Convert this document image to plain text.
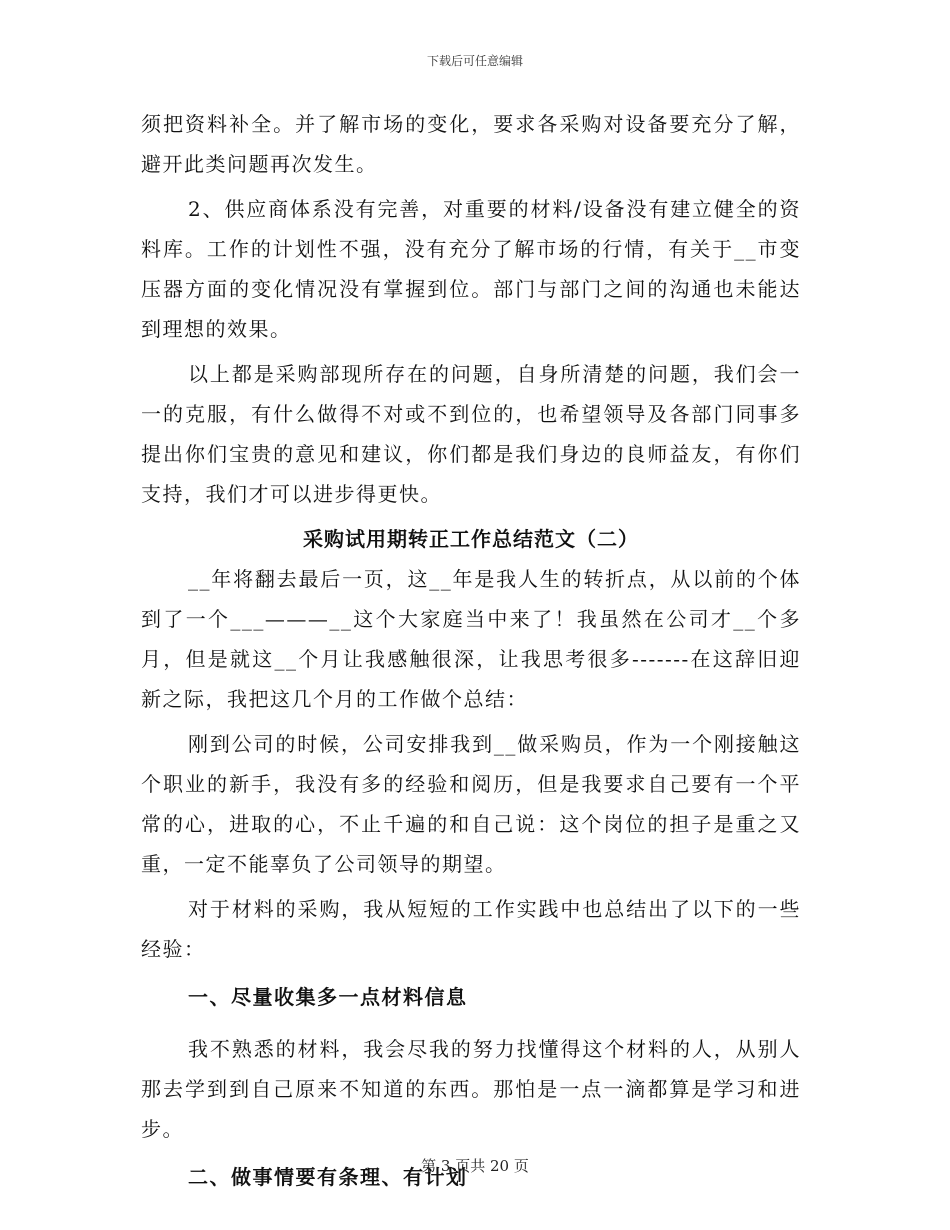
下载后可任意编辑

须把资料补全。并了解市场的变化，要求各采购对设备要充分了解，避开此类问题再次发生。

2、供应商体系没有完善，对重要的材料/设备没有建立健全的资料库。工作的计划性不强，没有充分了解市场的行情，有关于__市变压器方面的变化情况没有掌握到位。部门与部门之间的沟通也未能达到理想的效果。

以上都是采购部现所存在的问题，自身所清楚的问题，我们会一一的克服，有什么做得不对或不到位的，也希望领导及各部门同事多提出你们宝贵的意见和建议，你们都是我们身边的良师益友，有你们支持，我们才可以进步得更快。

采购试用期转正工作总结范文（二）

__年将翻去最后一页，这__年是我人生的转折点，从以前的个体到了一个___———__这个大家庭当中来了！我虽然在公司才__个多月，但是就这__个月让我感触很深，让我思考很多-------在这辞旧迎新之际，我把这几个月的工作做个总结：

刚到公司的时候，公司安排我到__做采购员，作为一个刚接触这个职业的新手，我没有多的经验和阅历，但是我要求自己要有一个平常的心，进取的心，不止千遍的和自己说：这个岗位的担子是重之又重，一定不能辜负了公司领导的期望。

对于材料的采购，我从短短的工作实践中也总结出了以下的一些经验：

一、尽量收集多一点材料信息

我不熟悉的材料，我会尽我的努力找懂得这个材料的人，从别人那去学到到自己原来不知道的东西。那怕是一点一滴都算是学习和进步。

二、做事情要有条理、有计划

第 3 页共 20 页
